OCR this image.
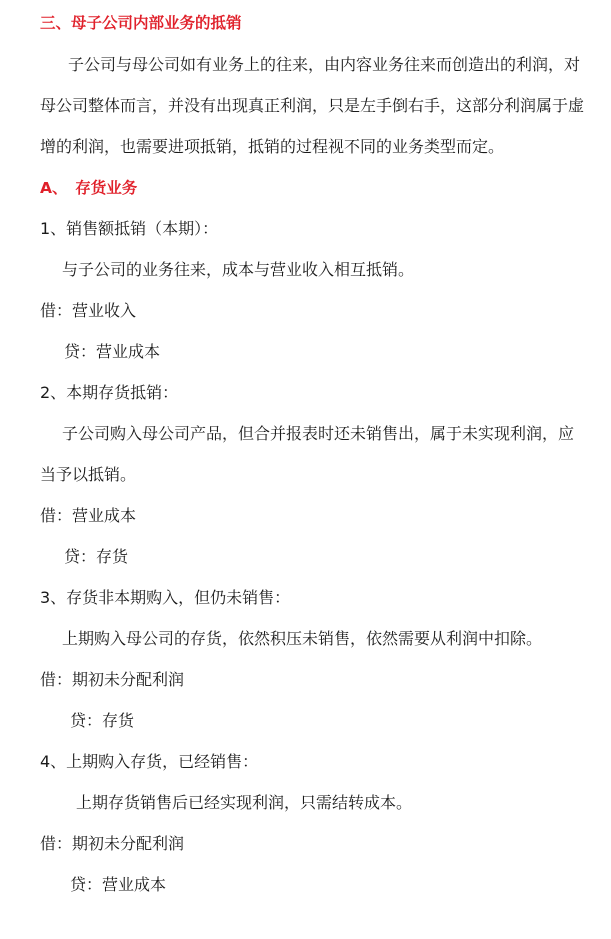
三、母子公司内部业务的抵销
子公司与母公司如有业务上的往来，由内容业务往来而创造出的利润，对
母公司整体而言，并没有出现真正利润，只是左手倒右手，这部分利润属于虚
增的利润，也需要进项抵销，抵销的过程视不同的业务类型而定。
A、　存货业务
1、销售额抵销（本期）：
与子公司的业务往来，成本与营业收入相互抵销。
借：营业收入
贷：营业成本
2、本期存货抵销：
子公司购入母公司产品，但合并报表时还未销售出，属于未实现利润，应
当予以抵销。
借：营业成本
贷：存货
3、存货非本期购入，但仍未销售：
上期购入母公司的存货，依然积压未销售，依然需要从利润中扣除。
借：期初未分配利润
贷：存货
4、上期购入存货，已经销售：
上期存货销售后已经实现利润，只需结转成本。
借：期初未分配利润
贷：营业成本
